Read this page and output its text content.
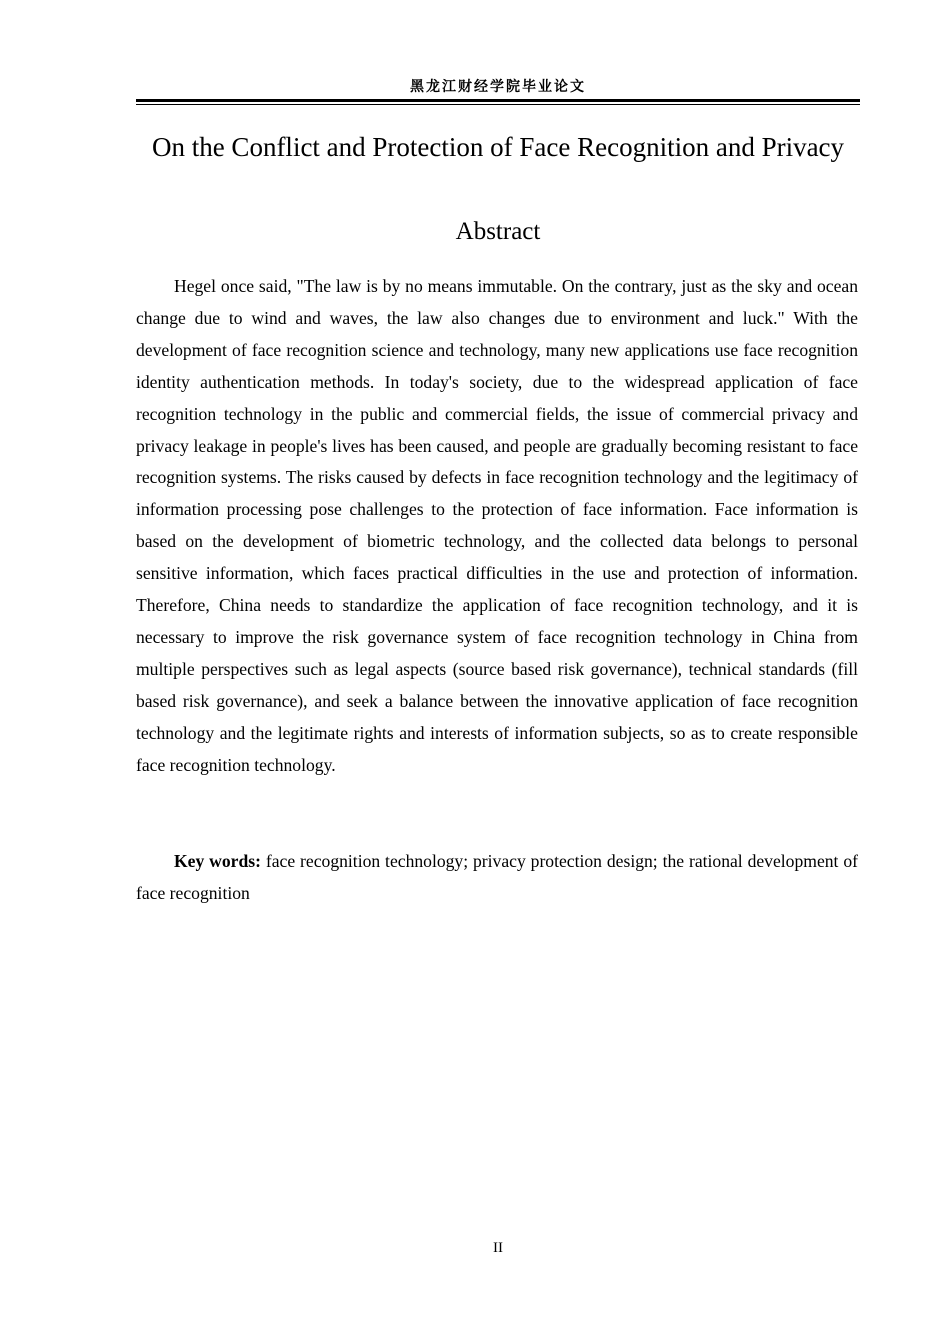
黑龙江财经学院毕业论文
On the Conflict and Protection of Face Recognition and Privacy
Abstract

Hegel once said, "The law is by no means immutable. On the contrary, just as the sky and ocean change due to wind and waves, the law also changes due to environment and luck." With the development of face recognition science and technology, many new applications use face recognition identity authentication methods. In today's society, due to the widespread application of face recognition technology in the public and commercial fields, the issue of commercial privacy and privacy leakage in people's lives has been caused, and people are gradually becoming resistant to face recognition systems. The risks caused by defects in face recognition technology and the legitimacy of information processing pose challenges to the protection of face information. Face information is based on the development of biometric technology, and the collected data belongs to personal sensitive information, which faces practical difficulties in the use and protection of information. Therefore, China needs to standardize the application of face recognition technology, and it is necessary to improve the risk governance system of face recognition technology in China from multiple perspectives such as legal aspects (source based risk governance), technical standards (fill based risk governance), and seek a balance between the innovative application of face recognition technology and the legitimate rights and interests of information subjects, so as to create responsible face recognition technology.

Key words: face recognition technology; privacy protection design; the rational development of face recognition

II
